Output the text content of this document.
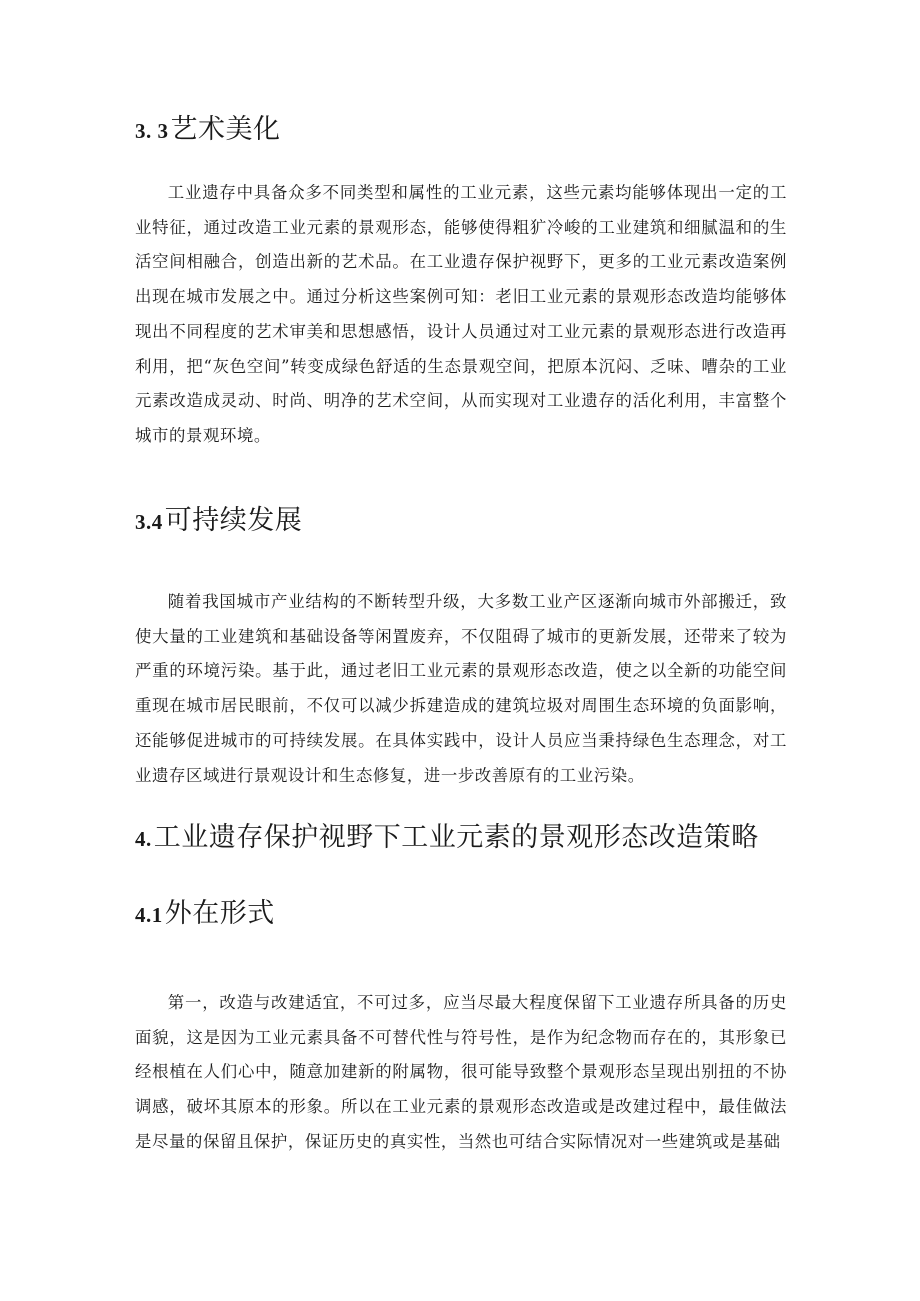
3. 3艺术美化

工业遗存中具备众多不同类型和属性的工业元素，这些元素均能够体现出一定的工业特征，通过改造工业元素的景观形态，能够使得粗犷冷峻的工业建筑和细腻温和的生活空间相融合，创造出新的艺术品。在工业遗存保护视野下，更多的工业元素改造案例出现在城市发展之中。通过分析这些案例可知：老旧工业元素的景观形态改造均能够体现出不同程度的艺术审美和思想感悟，设计人员通过对工业元素的景观形态进行改造再利用，把“灰色空间”转变成绿色舒适的生态景观空间，把原本沉闷、乏味、嘈杂的工业元素改造成灵动、时尚、明净的艺术空间，从而实现对工业遗存的活化利用，丰富整个城市的景观环境。

3.4可持续发展

随着我国城市产业结构的不断转型升级，大多数工业产区逐渐向城市外部搬迁，致使大量的工业建筑和基础设备等闲置废弃，不仅阻碍了城市的更新发展，还带来了较为严重的环境污染。基于此，通过老旧工业元素的景观形态改造，使之以全新的功能空间重现在城市居民眼前，不仅可以减少拆建造成的建筑垃圾对周围生态环境的负面影响，还能够促进城市的可持续发展。在具体实践中，设计人员应当秉持绿色生态理念，对工业遗存区域进行景观设计和生态修复，进一步改善原有的工业污染。

4.工业遗存保护视野下工业元素的景观形态改造策略
4.1外在形式

第一，改造与改建适宜，不可过多，应当尽最大程度保留下工业遗存所具备的历史面貌，这是因为工业元素具备不可替代性与符号性，是作为纪念物而存在的，其形象已经根植在人们心中，随意加建新的附属物，很可能导致整个景观形态呈现出别扭的不协调感，破坏其原本的形象。所以在工业元素的景观形态改造或是改建过程中，最佳做法是尽量的保留且保护，保证历史的真实性，当然也可结合实际情况对一些建筑或是基础
